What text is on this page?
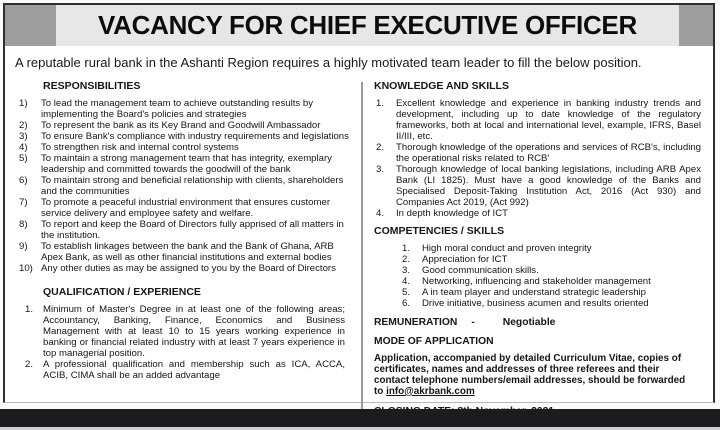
VACANCY FOR CHIEF EXECUTIVE OFFICER
A reputable rural bank in the Ashanti Region requires a highly motivated team leader to fill the below position.
RESPONSIBILITIES
1)	To lead the management team to achieve outstanding results by implementing the Board's policies and strategies
2)	To represent the bank as its Key Brand and Goodwill Ambassador
3)	To ensure Bank's compliance with industry requirements and legislations
4)	To strengthen risk and internal control systems
5)	To maintain a strong management team that has integrity, exemplary leadership and committed towards the goodwill of the bank
6)	To maintain strong and beneficial relationship with clients, shareholders and the communities
7)	To promote a peaceful industrial environment that ensures customer service delivery and employee safety and welfare.
8)	To report and keep the Board of Directors fully apprised of all matters in the institution.
9)	To establish linkages between the bank and the Bank of Ghana, ARB Apex Bank, as well as other financial institutions and external bodies
10) Any other duties as may be assigned to you by the Board of Directors
QUALIFICATION / EXPERIENCE
1.	Minimum of Master's Degree in at least one of the following areas; Accountancy, Banking, Finance, Economics and Business Management with at least 10 to 15 years working experience in banking or financial related industry with at least 7 years experience in top managerial position.
2.	A professional qualification and membership such as ICA, ACCA, ACIB, CIMA shall be an added advantage
KNOWLEDGE AND SKILLS
1.	Excellent knowledge and experience in banking industry trends and development, including up to date knowledge of the regulatory frameworks, both at local and international level, example, IFRS, Basel II/III, etc.
2.	Thorough knowledge of the operations and services of RCB's, including the operational risks related to RCB'
3.	Thorough knowledge of local banking legislations, including ARB Apex Bank (LI 1825). Must have a good knowledge of the Banks and Specialised Deposit-Taking Institution Act, 2016 (Act 930) and Companies Act 2019, (Act 992)
4.	In depth knowledge of ICT
COMPETENCIES / SKILLS
1.	High moral conduct and proven integrity
2.	Appreciation for ICT
3.	Good communication skills.
4.	Networking, influencing and stakeholder management
5.	A in team player and understand strategic leadership
6.	Drive initiative, business acumen and results oriented
REMUNERATION -	Negotiable
MODE OF APPLICATION
Application, accompanied by detailed Curriculum Vitae, copies of certificates, names and addresses of three referees and their contact telephone numbers/email addresses, should be forwarded to info@akrbank.com
